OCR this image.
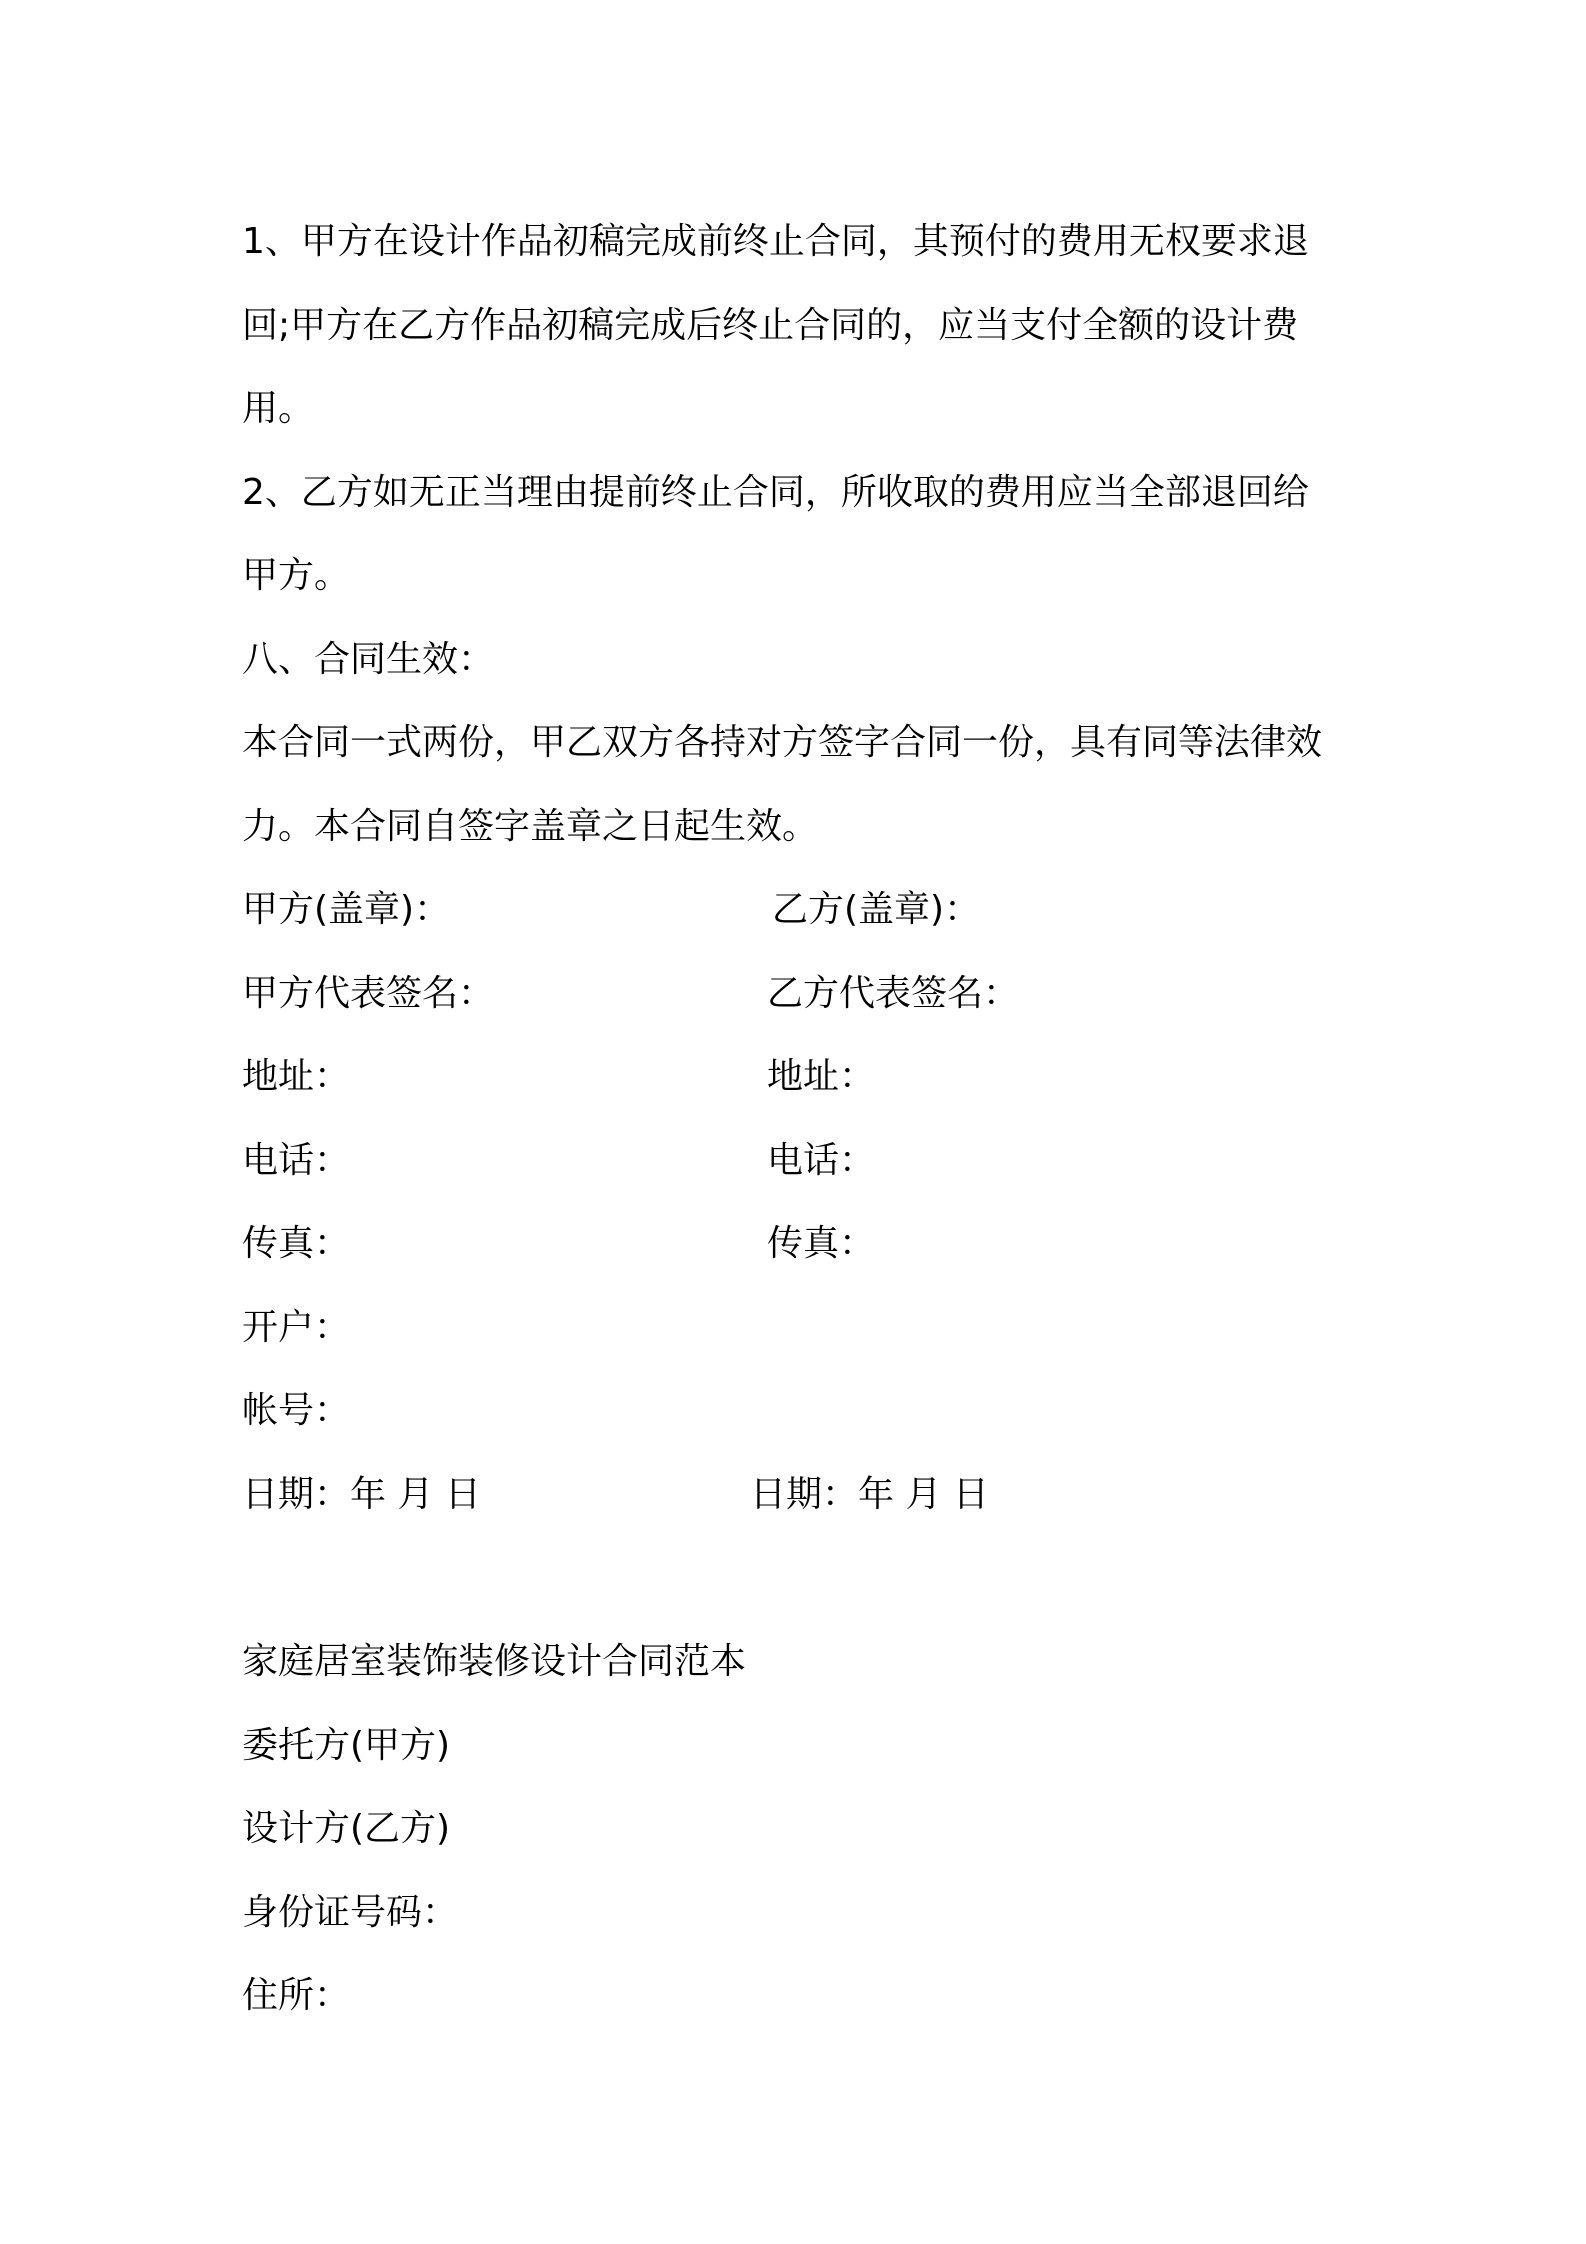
1、甲方在设计作品初稿完成前终止合同，其预付的费用无权要求退
回;甲方在乙方作品初稿完成后终止合同的，应当支付全额的设计费
用。
2、乙方如无正当理由提前终止合同，所收取的费用应当全部退回给
甲方。
八、合同生效：
本合同一式两份，甲乙双方各持对方签字合同一份，具有同等法律效
力。本合同自签字盖章之日起生效。
甲方(盖章)：	乙方(盖章)：
甲方代表签名：	乙方代表签名：
地址：	地址：
电话：	电话：
传真：	传真：
开户：
帐号：
日期：年 月 日	日期：年 月 日
家庭居室装饰装修设计合同范本
委托方(甲方)
设计方(乙方)
身份证号码：
住所：
